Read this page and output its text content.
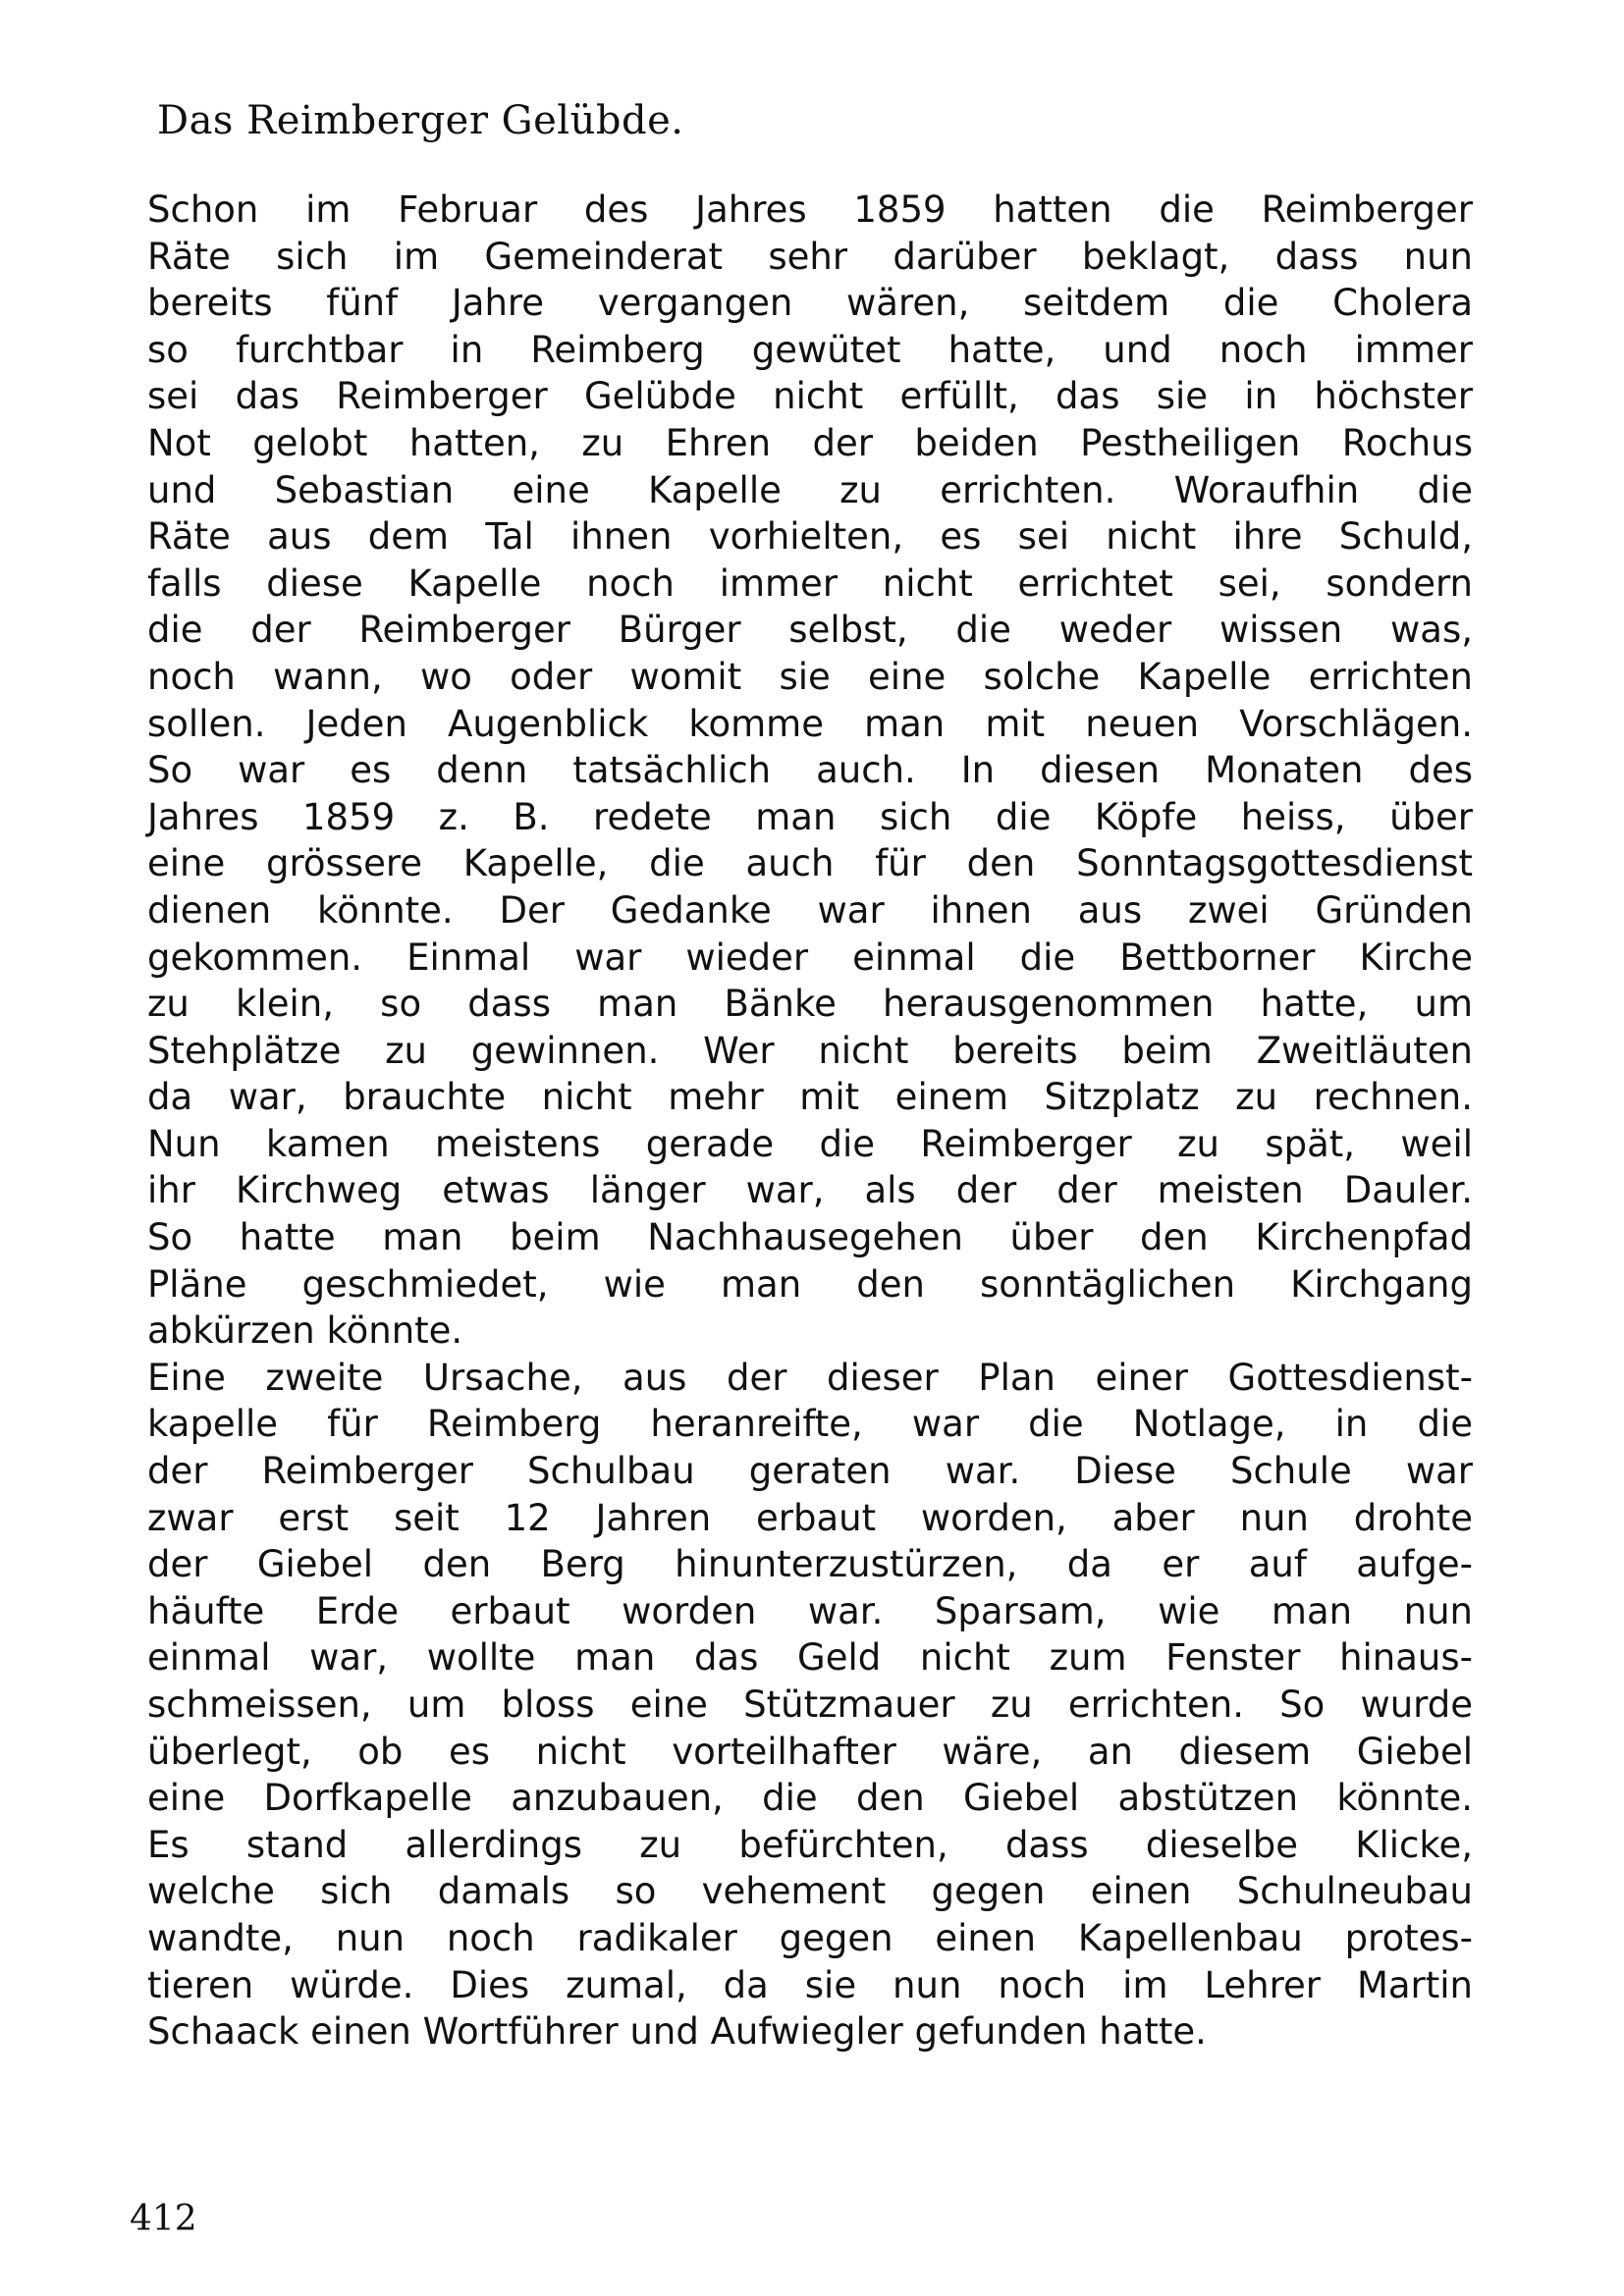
Das Reimberger Gelübde.
Schon im Februar des Jahres 1859 hatten die Reimberger
Räte sich im Gemeinderat sehr darüber beklagt, dass nun
bereits fünf Jahre vergangen wären, seitdem die Cholera
so furchtbar in Reimberg gewütet hatte, und noch immer
sei das Reimberger Gelübde nicht erfüllt, das sie in höchster
Not gelobt hatten, zu Ehren der beiden Pestheiligen Rochus
und Sebastian eine Kapelle zu errichten. Woraufhin die
Räte aus dem Tal ihnen vorhielten, es sei nicht ihre Schuld,
falls diese Kapelle noch immer nicht errichtet sei, sondern
die der Reimberger Bürger selbst, die weder wissen was,
noch wann, wo oder womit sie eine solche Kapelle errichten
sollen. Jeden Augenblick komme man mit neuen Vorschlägen.
So war es denn tatsächlich auch. In diesen Monaten des
Jahres 1859 z. B. redete man sich die Köpfe heiss, über
eine grössere Kapelle, die auch für den Sonntagsgottesdienst
dienen könnte. Der Gedanke war ihnen aus zwei Gründen
gekommen. Einmal war wieder einmal die Bettborner Kirche
zu klein, so dass man Bänke herausgenommen hatte, um
Stehplätze zu gewinnen. Wer nicht bereits beim Zweitläuten
da war, brauchte nicht mehr mit einem Sitzplatz zu rechnen.
Nun kamen meistens gerade die Reimberger zu spät, weil
ihr Kirchweg etwas länger war, als der der meisten Dauler.
So hatte man beim Nachhausegehen über den Kirchenpfad
Pläne geschmiedet, wie man den sonntäglichen Kirchgang
abkürzen könnte.
Eine zweite Ursache, aus der dieser Plan einer Gottesdienst-
kapelle für Reimberg heranreifte, war die Notlage, in die
der Reimberger Schulbau geraten war. Diese Schule war
zwar erst seit 12 Jahren erbaut worden, aber nun drohte
der Giebel den Berg hinunterzustürzen, da er auf aufge-
häufte Erde erbaut worden war. Sparsam, wie man nun
einmal war, wollte man das Geld nicht zum Fenster hinaus-
schmeissen, um bloss eine Stützmauer zu errichten. So wurde
überlegt, ob es nicht vorteilhafter wäre, an diesem Giebel
eine Dorfkapelle anzubauen, die den Giebel abstützen könnte.
Es stand allerdings zu befürchten, dass dieselbe Klicke,
welche sich damals so vehement gegen einen Schulneubau
wandte, nun noch radikaler gegen einen Kapellenbau protes-
tieren würde. Dies zumal, da sie nun noch im Lehrer Martin
Schaack einen Wortführer und Aufwiegler gefunden hatte.
412
